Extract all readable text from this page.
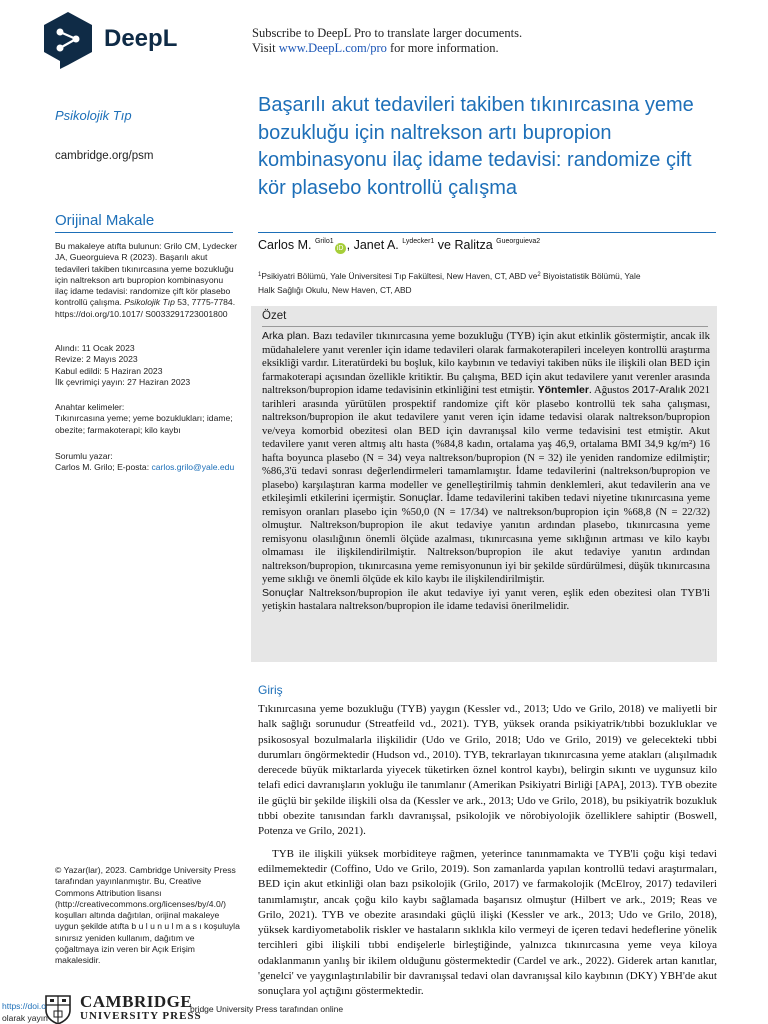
DeepL	Subscribe to DeepL Pro to translate larger documents.
Visit www.DeepL.com/pro for more information.
Psikolojik Tıp
cambridge.org/psm
Orijinal Makale
Bu makaleye atıfta bulunun: Grilo CM, Lydecker JA, Gueorguieva R (2023). Başarılı akut tedavileri takiben tıkınırcasına yeme bozukluğu için naltrekson artı bupropion kombinasyonu ilaç idame tedavisi: randomize çift kör plasebo kontrollü çalışma. Psikolojik Tıp 53, 7775-7784. https://doi.org/10.1017/ S0033291723001800
Alındı: 11 Ocak 2023
Revize: 2 Mayıs 2023
Kabul edildi: 5 Haziran 2023
İlk çevrimiçi yayın: 27 Haziran 2023
Anahtar kelimeler:
Tıkınırcasına yeme; yeme bozuklukları; idame; obezite; farmakoterapi; kilo kaybı
Sorumlu yazar:
Carlos M. Grilo; E-posta: carlos.grilo@yale.edu
© Yazar(lar), 2023. Cambridge University Press tarafından yayınlanmıştır. Bu, Creative Commons Attribution lisansı (http://creativecommons.org/licenses/by/4.0/) koşulları altında dağıtılan, orijinal makaleye uygun şekilde atıfta b u l u n u l m a s ı koşuluyla sınırsız yeniden kullanım, dağıtım ve çoğaltmaya izin veren bir Açık Erişim makalesidir.
Başarılı akut tedavileri takiben tıkınırcasına yeme bozukluğu için naltrekson artı bupropion kombinasyonu ilaç idame tedavisi: randomize çift kör plasebo kontrollü çalışma
Carlos M. $^{Grilo1}$iD , Janet A. $^{Lydecker1}$ ve Ralitza $^{Gueorguieva2}$
$^1$Psikiyatri Bölümü, Yale Üniversitesi Tıp Fakültesi, New Haven, CT, ABD $ve^2$ Biyoistatistik Bölümü, Yale
Halk Sağlığı Okulu, New Haven, CT, ABD
Özet

Arka plan. Bazı tedaviler tıkınırcasına yeme bozukluğu (TYB) için akut etkinlik göstermiştir, ancak ilk müdahalelere yanıt verenler için idame tedavileri olarak farmakoterapileri inceleyen kontrollü araştırma eksikliği vardır. Literatürdeki bu boşluk, kilo kaybının ve tedaviyi takiben nüks ile ilişkili olan BED için farmakoterapi açısından özellikle kritiktir. Bu çalışma, BED için akut tedavilere yanıt verenler arasında naltrekson/bupropion idame tedavisinin etkinliğini test etmiştir. Yöntemler. Ağustos 2017-Aralık 2021 tarihleri arasında yürütülen prospektif randomize çift kör plasebo kontrollü tek saha çalışması, naltrekson/bupropion ile akut tedavilere yanıt veren için idame tedavisi olarak naltrekson/bupropion ve/veya komorbid obezitesi olan BED için davranışsal kilo verme tedavisini test etmiştir. Akut tedavilere yanıt veren altmış altı hasta (%84,8 kadın, ortalama yaş 46,9, ortalama BMI 34,9 kg/m²) 16 hafta boyunca plasebo (N = 34) veya naltrekson/bupropion (N = 32) ile yeniden randomize edilmiştir; %86,3'ü tedavi sonrası değerlendirmeleri tamamlamıştır. İdame tedavilerini (naltrekson/bupropion ve plasebo) karşılaştıran karma modeller ve genelleştirilmiş tahmin denklemleri, akut tedavilerin ana ve etkileşimli etkilerini içermiştir. Sonuçlar. İdame tedavilerini takiben tedavi niyetine tıkınırcasına yeme remisyon oranları plasebo için %50,0 (N = 17/34) ve naltrekson/bupropion için %68,8 (N = 22/32) olmuştur. Naltrekson/bupropion ile akut tedaviye yanıtın ardından plasebo, tıkınırcasına yeme remisyonu olasılığının önemli ölçüde azalması, tıkınırcasına yeme sıklığının artması ve kilo kaybı olmaması ile ilişkilendirilmiştir. Naltrekson/bupropion ile akut tedaviye yanıtın ardından naltrekson/bupropion, tıkınırcasına yeme remisyonunun iyi bir şekilde sürdürülmesi, düşük tıkınırcasına yeme sıklığı ve önemli ölçüde ek kilo kaybı ile ilişkilendirilmiştir.

Sonuçlar Naltrekson/bupropion ile akut tedaviye iyi yanıt veren, eşlik eden obezitesi olan TYB'li yetişkin hastalara naltrekson/bupropion ile idame tedavisi önerilmelidir.

Giriş

Tıkınırcasına yeme bozukluğu (TYB) yaygın (Kessler vd., 2013; Udo ve Grilo, 2018) ve maliyetli bir halk sağlığı sorunudur (Streatfeild vd., 2021). TYB, yüksek oranda psikiyatrik/tıbbi bozukluklar ve psikososyal bozulmalarla ilişkilidir (Udo ve Grilo, 2018; Udo ve Grilo, 2019) ve gelecekteki tıbbi durumları öngörmektedir (Hudson vd., 2010). TYB, tekrarlayan tıkınırcasına yeme atakları (alışılmadık derecede büyük miktarlarda yiyecek tüketirken öznel kontrol kaybı), belirgin sıkıntı ve uygunsuz kilo telafi edici davranışların yokluğu ile tanımlanır (Amerikan Psikiyatri Birliği [APA], 2013). TYB obezite ile güçlü bir şekilde ilişkili olsa da (Kessler ve ark., 2013; Udo ve Grilo, 2018), bu psikiyatrik bozukluk tıbbi obezite tanısından farklı davranışsal, psikolojik ve nörobiyolojik özelliklere sahiptir (Boswell, Potenza ve Grilo, 2021).

TYB ile ilişkili yüksek morbiditeye rağmen, yeterince tanınmamakta ve TYB'li çoğu kişi tedavi edilmemektedir (Coffino, Udo ve Grilo, 2019). Son zamanlarda yapılan kontrollü tedavi araştırmaları, BED için akut etkinliği olan bazı psikolojik (Grilo, 2017) ve farmakolojik (McElroy, 2017) tedavileri tanımlamıştır, ancak çoğu kilo kaybı sağlamada başarısız olmuştur (Hilbert ve ark., 2019; Reas ve Grilo, 2021). TYB ve obezite arasındaki güçlü ilişki (Kessler ve ark., 2013; Udo ve Grilo, 2018), yüksek kardiyometabolik riskler ve hastaların sıklıkla kilo vermeyi de içeren tedavi hedeflerine yönelik tercihleri gibi ilişkili tıbbi endişelerle birleştiğinde, yalnızca tıkınırcasına yeme veya kiloya odaklanmanın yanlış bir ikilem olduğunu göstermektedir (Cardel ve ark., 2022). Giderek artan kanıtlar, 'genelci' ve yaygınlaştırılabilir bir davranışsal tedavi olan davranışsal kilo kaybının (DKY) YBH'de akut sonuçlara yol açtığını göstermektedir.

CAMBRIDGE
UNIVERSITY PRESS
bridge University Press tarafından online
https://doi.o
olarak yayın
